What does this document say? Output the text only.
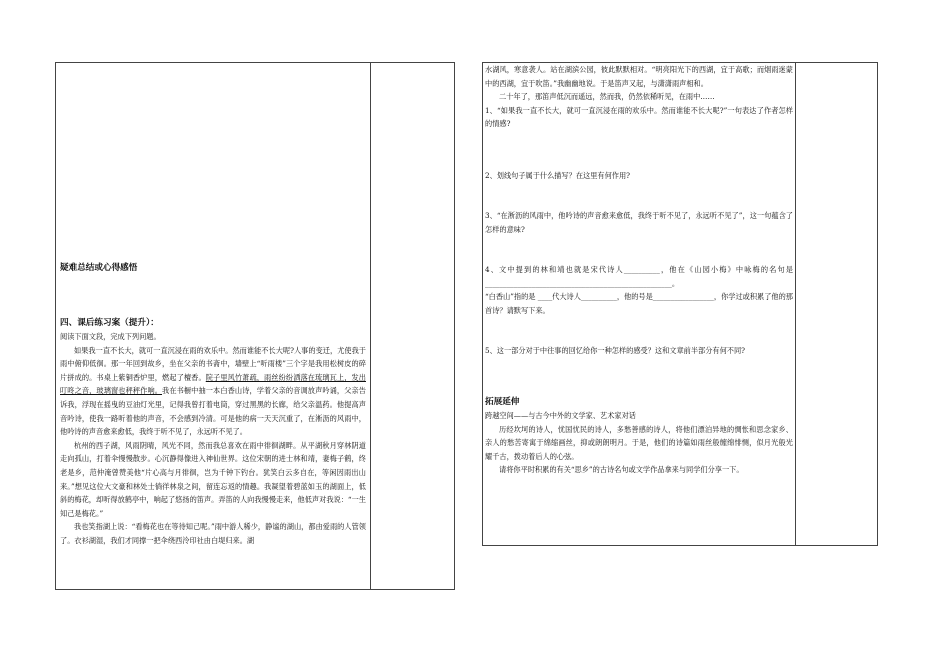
疑难总结或心得感悟
四、课后练习案（提升）：

阅读下面文段，完成下列问题。

如果我一直不长大，就可一直沉浸在雨的欢乐中。然而谁能不长大呢?人事的变迁，尤使我于雨中俯仰低徊。那一年回到故乡，坐在父亲的书斋中，墙壁上“听雨楼”三个字是我用松树皮的碎片拼成的。书桌上紫铜香炉里，燃起了檀香。院子里风竹萧疏，雨丝纷纷洒落在琉璃瓦上，发出叮咚之音，玻璃窗也秤秤作响。我在书橱中抽一本白香山诗，学着父亲的音调放声吟诵，父亲告诉我，浮现在摇曳的豆油灯光里，记得我曾打着电筒，穿过黑黑的长廊，给父亲温药。他提高声音吟诗，使我一路听着他的声音，不会感到冷清。可是他的病一天天沉重了，在淅沥的风雨中，他吟诗的声音愈来愈低，我终于听不见了，永远听不见了。

杭州的西子湖，风雨阴晴，风光不同，然而我总喜欢在雨中徘徊湖畔。从平湖秋月穿林阴道走向孤山，打着伞慢慢散步。心沉静得像进入神仙世界。这位宋朝的进士林和靖，妻梅子鹤，终老是乡，范仲淹曾赞美他“片心高与月徘徊，岂为千钟下钓台。犹笑白云多自在，等闲因雨出山来。”想见这位大文豪和林处士徜徉林泉之间，留连忘返的情趣。我凝望着碧蓝如玉的湖面上，低斜的梅花，却听得放鹤亭中，响起了悠扬的笛声。弄笛的人向我慢慢走来，他低声对我说：“一生知己是梅花。”

我也笑指湖上说：“看梅花也在等待知己呢。”雨中游人稀少，静谧的湖山，都由爱雨的人管领了。衣衫湖湿，我们才同撑一把伞绕西泠印社由白堤归来。湖

水湖风，寒意袭人。站在湖滨公园，彼此默默相对。“明亮阳光下的西湖，宜于高歌；而烟雨迷蒙中的西湖，宜于吹笛。”我幽幽地说。于是笛声又起，与潇潇雨声相和。

二十年了，那笛声低沉而遥远，然而我，仍然依稀听见，在雨中……

1、“如果我一直不长大，就可一直沉浸在雨的欢乐中。然而谁能不长大呢?”一句表达了作者怎样的情感?

2、划线句子属于什么描写？在这里有何作用?
3、“在淅沥的风雨中，他吟诗的声音愈来愈低，我终于听不见了，永远听不见了”，这一句蕴含了怎样的意味?

4、文中提到的林和靖也就是宋代诗人__________，他在《山园小梅》中咏梅的名句是____________________________________________________。

“白香山”指的是 ____代大诗人__________，他的号是_________________，你学过或积累了他的那首诗？请默写下来。

5、这一部分对于中往事的回忆给你一种怎样的感受？这和文章前半部分有何不同?
拓展延伸

跨越空间——与古今中外的文学家、艺术家对话

历经坎坷的诗人，忧国忧民的诗人，多愁善感的诗人，将他们漂泊异地的惆怅和思念家乡、亲人的愁苦寄寓于绵缩画丝，抑或朗朗明月。于是，他们的诗篇如雨丝般缠绵悱恻，似月光般光耀千古，拨动着后人的心弦。

请将你平时积累的有关“思乡”的古诗名句或文学作品拿来与同学们分享一下。
